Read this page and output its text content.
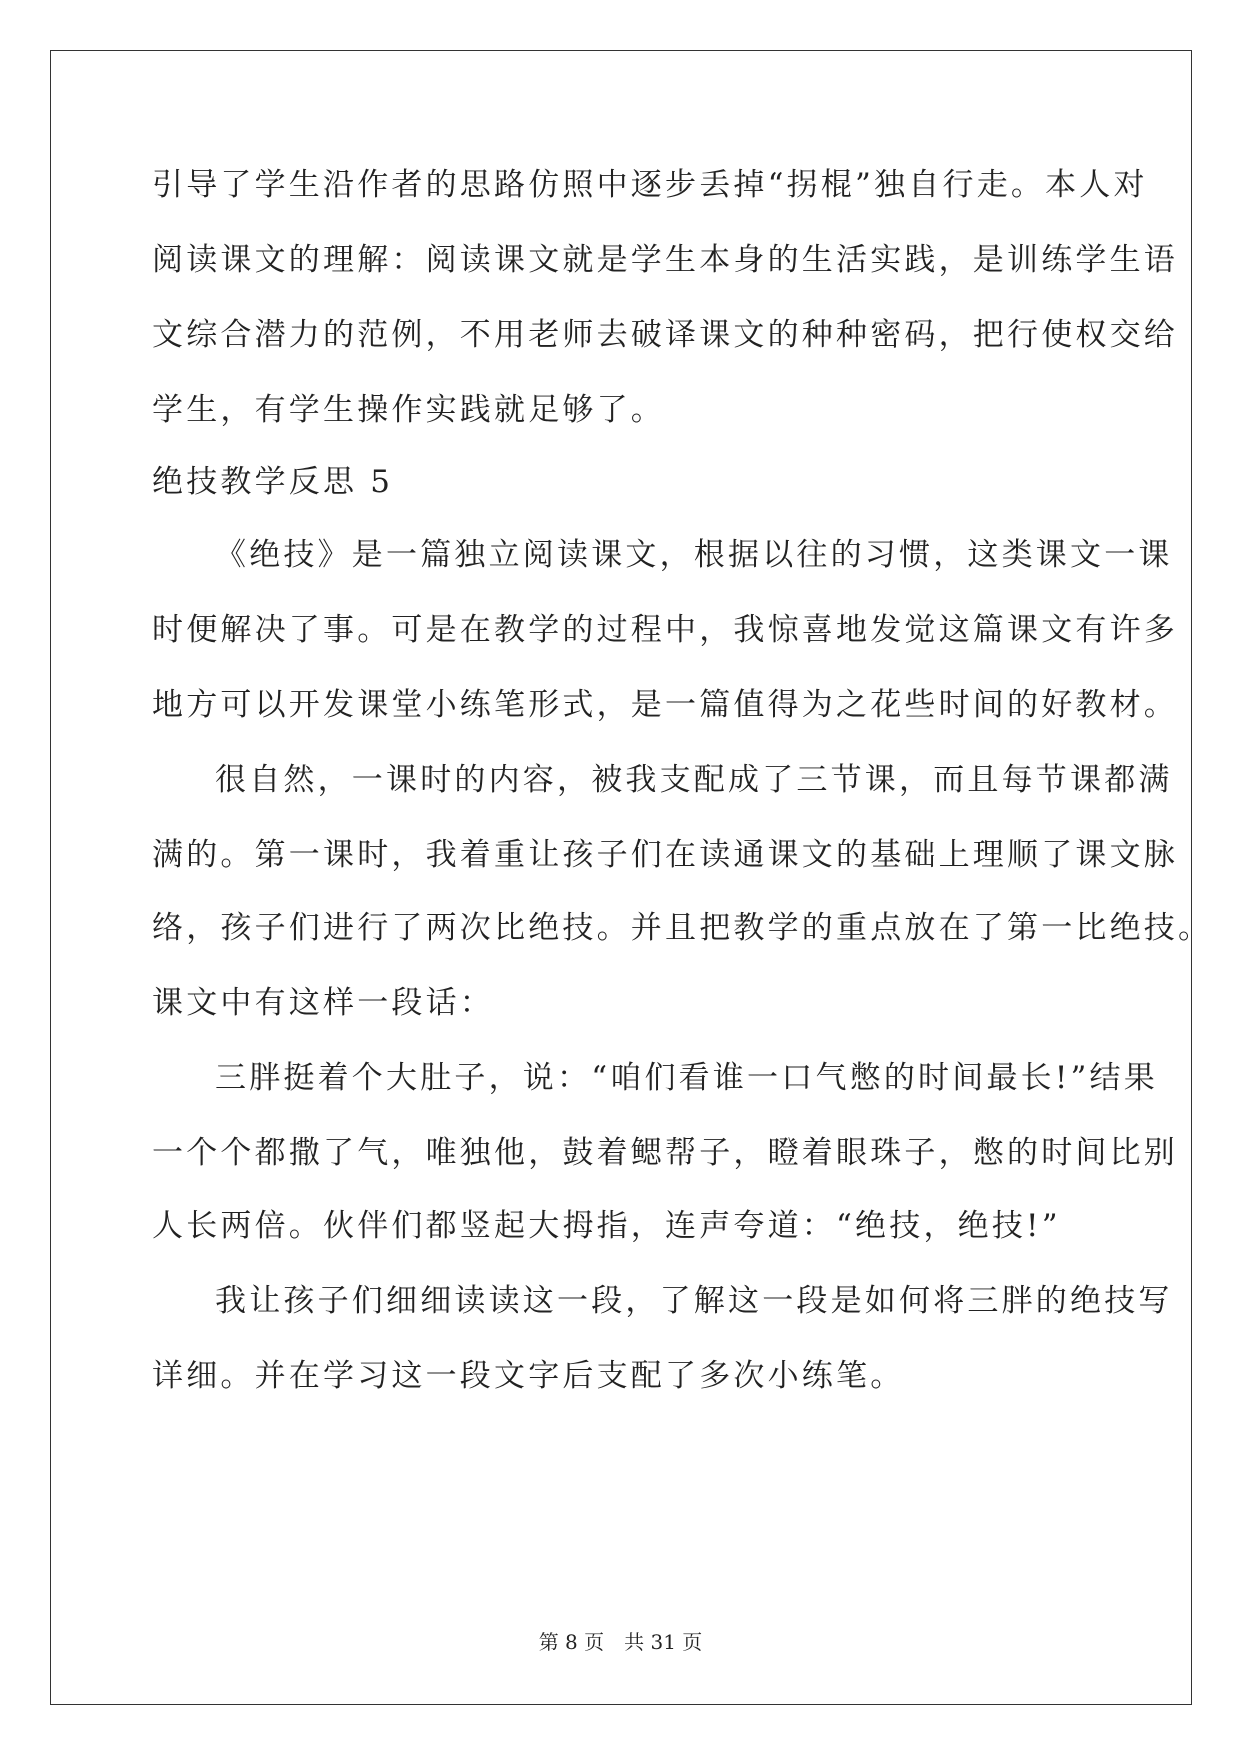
引导了学生沿作者的思路仿照中逐步丢掉“拐棍”独自行走。本人对
阅读课文的理解：阅读课文就是学生本身的生活实践，是训练学生语
文综合潜力的范例，不用老师去破译课文的种种密码，把行使权交给
学生，有学生操作实践就足够了。
绝技教学反思 5
《绝技》是一篇独立阅读课文，根据以往的习惯，这类课文一课
时便解决了事。可是在教学的过程中，我惊喜地发觉这篇课文有许多
地方可以开发课堂小练笔形式，是一篇值得为之花些时间的好教材。
很自然，一课时的内容，被我支配成了三节课，而且每节课都满
满的。第一课时，我着重让孩子们在读通课文的基础上理顺了课文脉
络，孩子们进行了两次比绝技。并且把教学的重点放在了第一比绝技。
课文中有这样一段话：
三胖挺着个大肚子，说：“咱们看谁一口气憋的时间最长!”结果
一个个都撒了气，唯独他，鼓着鳃帮子，瞪着眼珠子，憋的时间比别
人长两倍。伙伴们都竖起大拇指，连声夸道：“绝技，绝技!”
我让孩子们细细读读这一段，了解这一段是如何将三胖的绝技写
详细。并在学习这一段文字后支配了多次小练笔。
第 8 页 共 31 页
